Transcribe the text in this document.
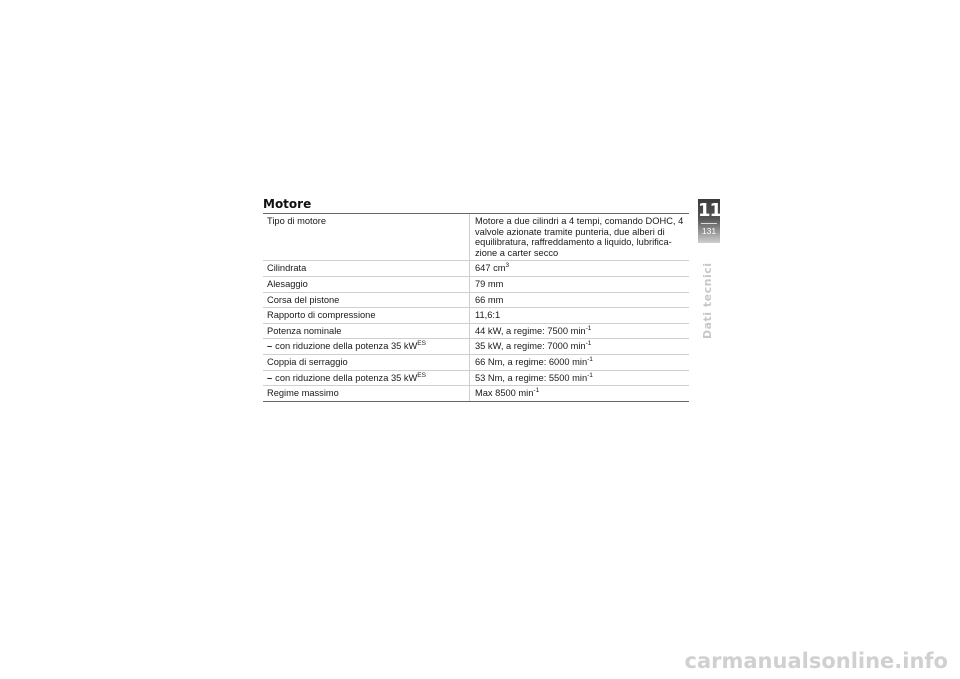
Motore
Tipo di motore	Motore a due cilindri a 4 tempi, comando DOHC, 4 valvole azionate tramite punteria, due alberi di equilibratura, raffreddamento a liquido, lubrifica-zione a carter secco
Cilindrata	647 $cm^3$
Alesaggio	79 mm
Corsa del pistone	66 mm
Rapporto di compressione	11,6:1
Potenza nominale	44 kW, a regime: 7500 $\min^{-1}$
– con riduzione della potenza 35 $kW^{ES}$	35 kW, a regime: 7000 $\min^{-1}$
Coppia di serraggio	66 Nm, a regime: 6000 $\min^{-1}$
– con riduzione della potenza 35 $kW^{ES}$	53 Nm, a regime: 5500 $\min^{-1}$
Regime massimo	Max 8500 $\min^{-1}$
11
131
Dati tecnici
carmanualsonline.info
